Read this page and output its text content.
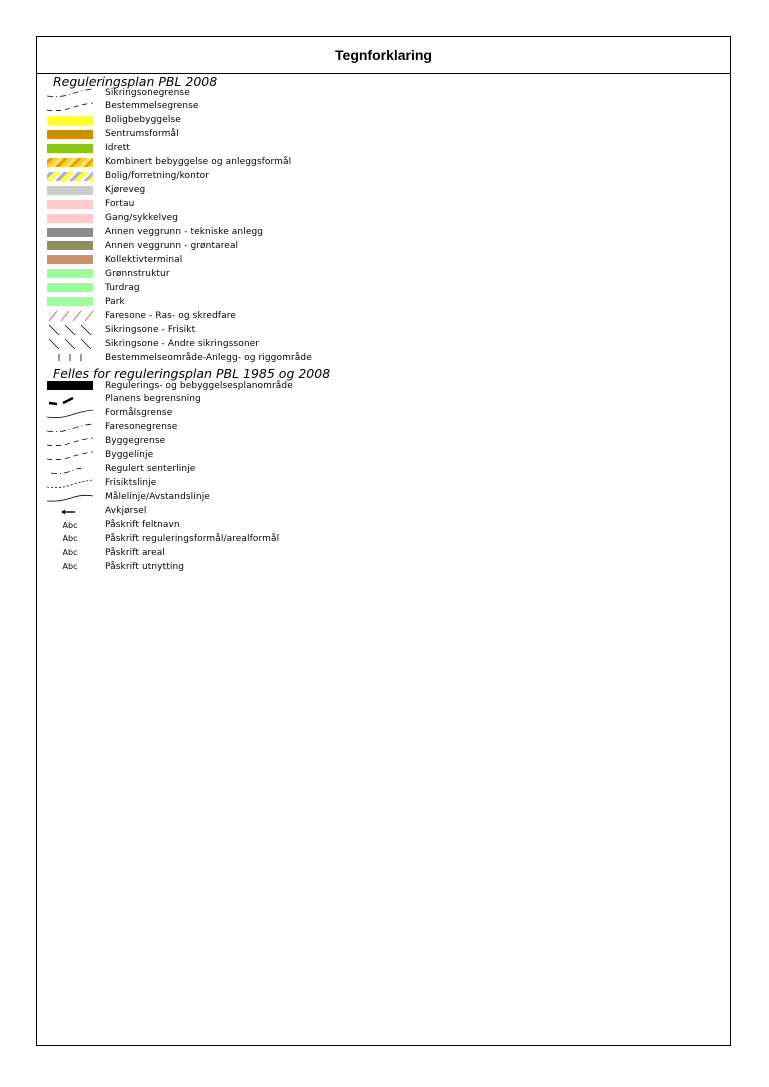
Tegnforklaring
Reguleringsplan PBL 2008
Sikringsonegrense
Bestemmelsegrense
Boligbebyggelse
Sentrumsformål
Idrett
Kombinert bebyggelse og anleggsformål
Bolig/forretning/kontor
Kjøreveg
Fortau
Gang/sykkelveg
Annen veggrunn - tekniske anlegg
Annen veggrunn - grøntareal
Kollektivterminal
Grønnstruktur
Turdrag
Park
Faresone - Ras- og skredfare
Sikringsone - Frisikt
Sikringsone - Andre sikringssoner
Bestemmelseområde-Anlegg- og riggområde
Felles for reguleringsplan PBL 1985 og 2008
Regulerings- og bebyggelsesplanområde
Planens begrensning
Formålsgrense
Faresonegrense
Byggegrense
Byggelinje
Regulert senterlinje
Frisiktslinje
Målelinje/Avstandslinje
Avkjørsel
Abc	Påskrift feltnavn
Abc	Påskrift reguleringsformål/arealformål
Abc	Påskrift areal
Abc	Påskrift utnytting
